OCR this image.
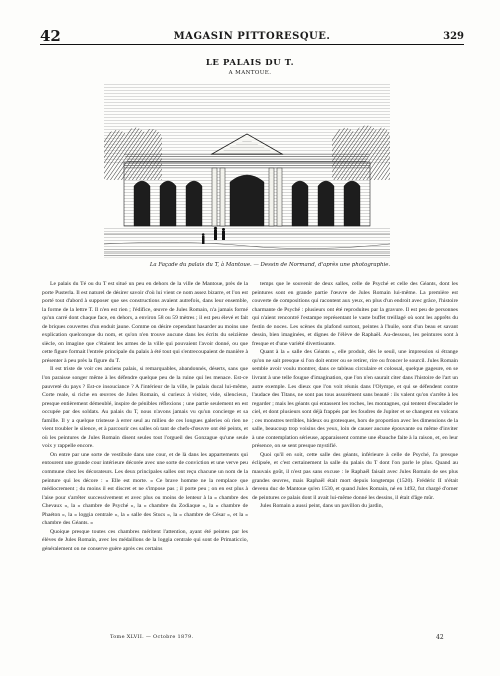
42	MAGASIN PITTORESQUE.	329
LE PALAIS DU T.
A MANTOUE.
La Façade du palais du T, à Mantoue. — Dessin de Normand, d'après une photographie.

Le palais du Té ou du T est situé un peu en dehors de la ville de Mantoue, près de la porte Pusterla. Il est naturel de désirer savoir d'où lui vient ce nom assez bizarre, et l'on est porté tout d'abord à supposer que ses constructions avaient autrefois, dans leur ensemble, la forme de la lettre T. Il n'en est rien ; l'édifice, œuvre de Jules Romain, n'a jamais formé qu'un carré dont chaque face, en dehors, a environ 58 ou 59 mètres ; il est peu élevé et fait de briques couvertes d'un enduit jaune. Comme on désire cependant hasarder au moins une explication quelconque du nom, et qu'on n'en trouve aucune dans les écrits du seizième siècle, on imagine que c'étaient les armes de la ville qui pouvaient l'avoir donné, ou que cette figure formait l'entrée principale du palais à été tout qui s'entrecoupaient de manière à présenter à peu près la figure du T.

Il est triste de voir ces anciens palais, si remarquables, abandonnés, déserts, sans que l'on paraisse songer même à les défendre quelque peu de la ruine qui les menace. Est-ce pauvreté du pays ? Est-ce insouciance ? A l'intérieur de la ville, le palais ducal lui-même, Corte reale, si riche en œuvres de Jules Romain, si curieux à visiter, vide, silencieux, presque entièrement démeublé, inspire de pénibles réflexions ; une partie seulement en est occupée par des soldats. Au palais du T, nous n'avons jamais vu qu'un concierge et sa famille. Il y a quelque tristesse à errer seul au milieu de ces longues galeries où rien ne vient troubler le silence, et à parcourir ces salles où tant de chefs-d'œuvre ont été peints, et où les peintures de Jules Romain disent seules tout l'orgueil des Gonzague qu'une seule voix y rappelle encore.

On entre par une sorte de vestibule dans une cour, et de là dans les appartements qui entourent une grande cour intérieure décorée avec une sorte de conviction et une verve peu commune chez les décorateurs. Les deux principales salles ont reçu chacune un nom de la peinture qui les décore : « Elle est morte. » Ce brave homme ne la remplace que médiocrement ; du moins il est discret et ne s'impose pas ; il porte peu ; on en est plus à l'aise pour s'arrêter successivement et avec plus ou moins de lenteur à la « chambre des Chevaux », la « chambre de Psyché », la « chambre du Zodiaque », la « chambre de Phaéton », la « loggia centrale », la « salle des Stucs », la « chambre de César », et la « chambre des Géants. »

Quoique presque toutes ces chambres méritent l'attention, ayant été peintes par les élèves de Jules Romain, avec les médaillons de la loggia centrale qui sont de Primaticcio, généralement on ne conserve guère après ces certains

temps que le souvenir de deux salles, celle de Psyché et celle des Géants, dont les peintures sont en grande partie l'œuvre de Jules Romain lui-même. La première est couverte de compositions qui racontent aux yeux, en plus d'un endroit avec grâce, l'histoire charmante de Psyché : plusieurs ont été reproduites par la gravure. Il est peu de personnes qui n'aient rencontré l'estampe représentant le vaste buffet treillagé où sont les apprêts du festin de noces. Les scènes du plafond surtout, peintes à l'huile, sont d'un beau et savant dessin, bien imaginées, et dignes de l'élève de Raphaël. Au-dessous, les peintures sont à fresque et d'une variété divertissante.

Quant à la « salle des Géants », elle produit, dès le seuil, une impression si étrange qu'on ne sait presque si l'on doit entrer ou se retirer, rire ou froncer le sourcil. Jules Romain semble avoir voulu montrer, dans ce tableau circulaire et colossal, quelque gageure, en se livrant à une telle fougue d'imagination, que l'on n'en saurait citer dans l'histoire de l'art un autre exemple. Les dieux que l'on voit réunis dans l'Olympe, et qui se défendent contre l'audace des Titans, ne sont pas tous assurément sans beauté : ils valent qu'on s'arrête à les regarder ; mais les géants qui entassent les roches, les montagnes, qui tentent d'escalader le ciel, et dont plusieurs sont déjà frappés par les foudres de Jupiter et se changent en volcans ; ces monstres terribles, hideux ou grotesques, hors de proportion avec les dimensions de la salle, beaucoup trop voisins des yeux, loin de causer aucune épouvante ou même d'inviter à une contemplation sérieuse, apparaissent comme une ébauche faite à la raison, et, en leur présence, on se sent presque mystifié.

Quoi qu'il en soit, cette salle des géants, inférieure à celle de Psyché, l'a presque éclipsée, et c'est certainement la salle du palais du T dont l'on parle le plus. Quand au mauvais goût, il n'est pas sans excuse : le Raphaël faisait avec Jules Romain de ses plus grandes œuvres, mais Raphaël était mort depuis longtemps (1520). Frédéric II n'était devenu duc de Mantoue qu'en 1530, et quand Jules Romain, né en 1492, fut chargé d'orner de peintures ce palais dont il avait lui-même donné les dessins, il était d'âge mûr.

Jules Romain a aussi peint, dans un pavillon du jardin,

Tome XLVII. — Octobre 1879.	42
